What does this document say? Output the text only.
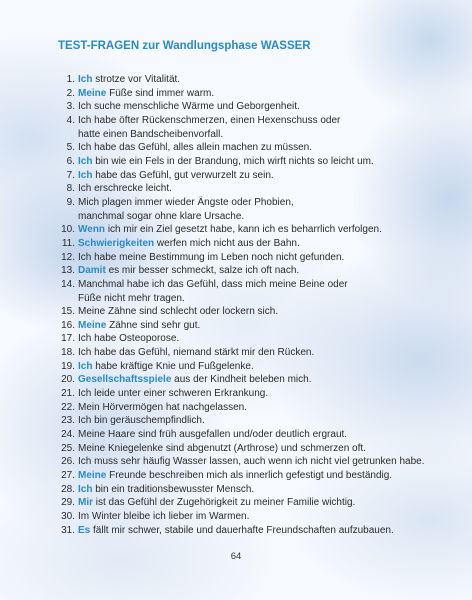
TEST-FRAGEN zur Wandlungsphase WASSER
1. Ich strotze vor Vitalität.
2. Meine Füße sind immer warm.
3. Ich suche menschliche Wärme und Geborgenheit.
4. Ich habe öfter Rückenschmerzen, einen Hexenschuss oder
hatte einen Bandscheibenvorfall.
5. Ich habe das Gefühl, alles allein machen zu müssen.
6. Ich bin wie ein Fels in der Brandung, mich wirft nichts so leicht um.
7. Ich habe das Gefühl, gut verwurzelt zu sein.
8. Ich erschrecke leicht.
9. Mich plagen immer wieder Ängste oder Phobien,
manchmal sogar ohne klare Ursache.
10. Wenn ich mir ein Ziel gesetzt habe, kann ich es beharrlich verfolgen.
11. Schwierigkeiten werfen mich nicht aus der Bahn.
12. Ich habe meine Bestimmung im Leben noch nicht gefunden.
13. Damit es mir besser schmeckt, salze ich oft nach.
14. Manchmal habe ich das Gefühl, dass mich meine Beine oder
Füße nicht mehr tragen.
15. Meine Zähne sind schlecht oder lockern sich.
16. Meine Zähne sind sehr gut.
17. Ich habe Osteoporose.
18. Ich habe das Gefühl, niemand stärkt mir den Rücken.
19. Ich habe kräftige Knie und Fußgelenke.
20. Gesellschaftsspiele aus der Kindheit beleben mich.
21. Ich leide unter einer schweren Erkrankung.
22. Mein Hörvermögen hat nachgelassen.
23. Ich bin geräuschempfindlich.
24. Meine Haare sind früh ausgefallen und/oder deutlich ergraut.
25. Meine Kniegelenke sind abgenutzt (Arthrose) und schmerzen oft.
26. Ich muss sehr häufig Wasser lassen, auch wenn ich nicht viel getrunken habe.
27. Meine Freunde beschreiben mich als innerlich gefestigt und beständig.
28. Ich bin ein traditionsbewusster Mensch.
29. Mir ist das Gefühl der Zugehörigkeit zu meiner Familie wichtig.
30. Im Winter bleibe ich lieber im Warmen.
31. Es fällt mir schwer, stabile und dauerhafte Freundschaften aufzubauen.
64
